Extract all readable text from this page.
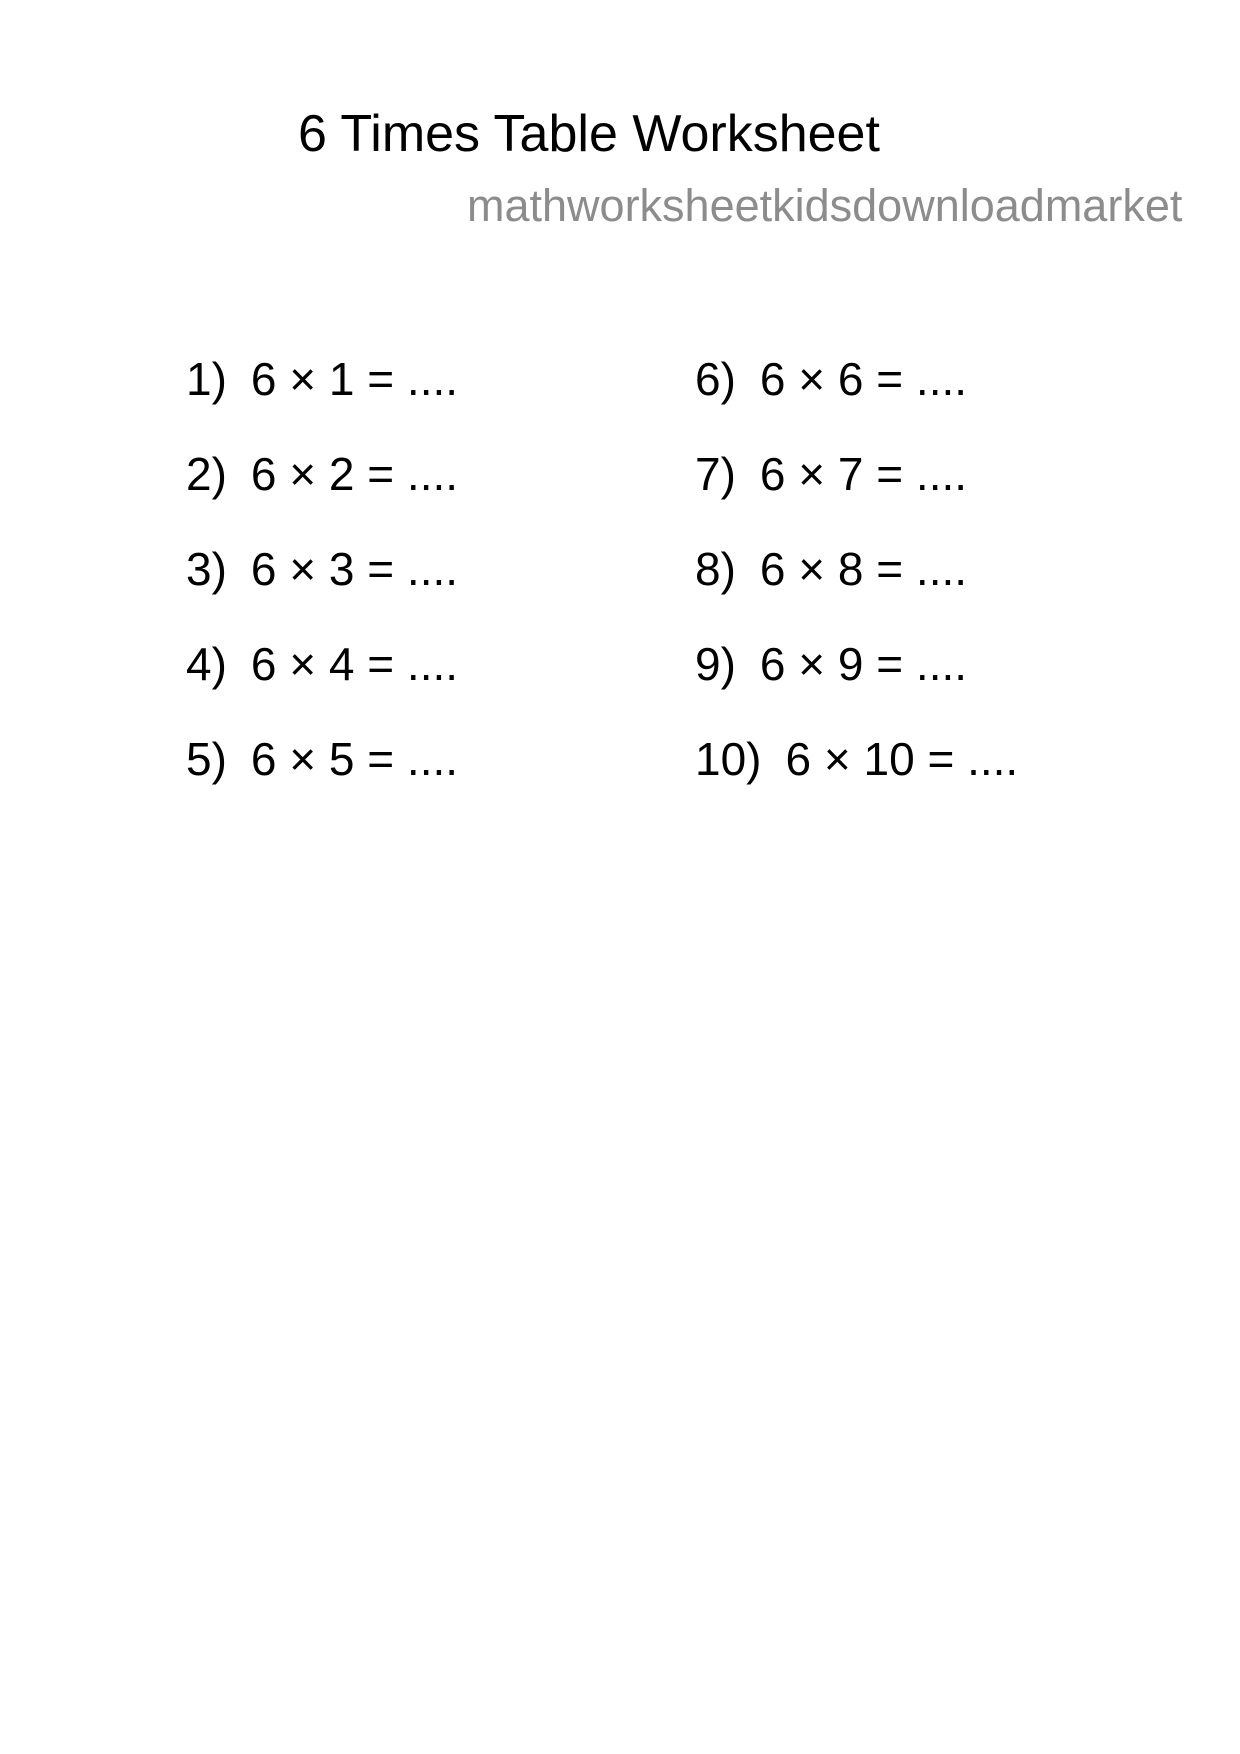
6 Times Table Worksheet
mathworksheetkidsdownloadmarket
1) 6 × 1 = ....
2) 6 × 2 = ....
3) 6 × 3 = ....
4) 6 × 4 = ....
5) 6 × 5 = ....
6) 6 × 6 = ....
7) 6 × 7 = ....
8) 6 × 8 = ....
9) 6 × 9 = ....
10) 6 × 10 = ....
